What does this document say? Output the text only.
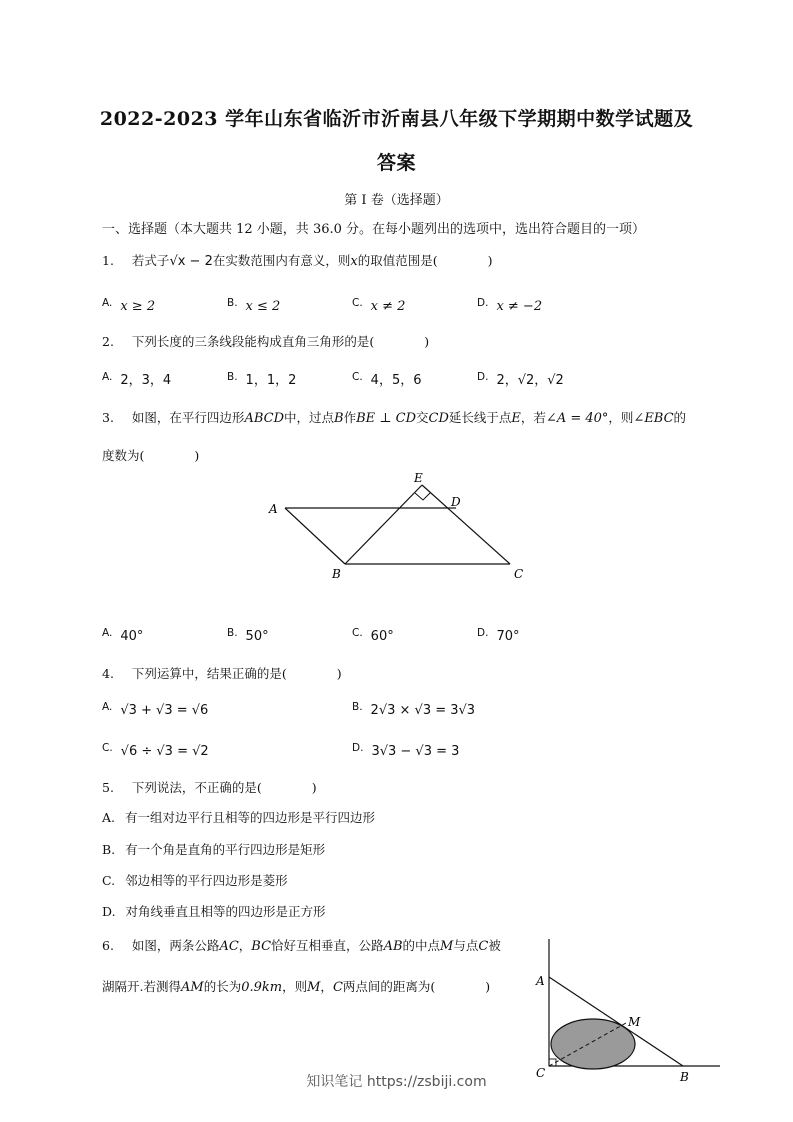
2022-2023 学年山东省临沂市沂南县八年级下学期期中数学试题及
答案
第 I 卷（选择题）
一、选择题（本大题共 12 小题，共 36.0 分。在每小题列出的选项中，选出符合题目的一项）
1. 若式子√x − 2在实数范围内有意义，则x的取值范围是(　　　　)
$^{A.}$ x ≥ 2	$^{B.}$ x ≤ 2	$^{C.}$ x ≠ 2	$^{D.}$ x ≠ −2
2. 下列长度的三条线段能构成直角三角形的是(　　　　)
$^{A.}$ 2，3，4	$^{B.}$ 1，1，2	$^{C.}$ 4，5，6	$^{D.}$ 2，√2，√2
3. 如图，在平行四边形ABCD中，过点B作BE ⊥ CD交CD延长线于点E，若∠A = 40°，则∠EBC的
度数为(　　　　)
E
D
A
B	C
$^{A.}$ 40°	$^{B.}$ 50°	$^{C.}$ 60°	$^{D.}$ 70°
4. 下列运算中，结果正确的是(　　　　)
$^{A.}$ √3 + √3 = √6	$^{B.}$ 2√3 × √3 = 3√3
$^{C.}$ √6 ÷ √3 = √2	$^{D.}$ 3√3 − √3 = 3
5. 下列说法，不正确的是(　　　　)
A. 有一组对边平行且相等的四边形是平行四边形
B. 有一个角是直角的平行四边形是矩形
C. 邻边相等的平行四边形是菱形
D. 对角线垂直且相等的四边形是正方形
6. 如图，两条公路AC，BC恰好互相垂直，公路AB的中点M与点C被
湖隔开.若测得AM的长为0.9km，则M，C两点间的距离为(　　　　)	A
M
C	B
知识笔记 https://zsbiji.com
